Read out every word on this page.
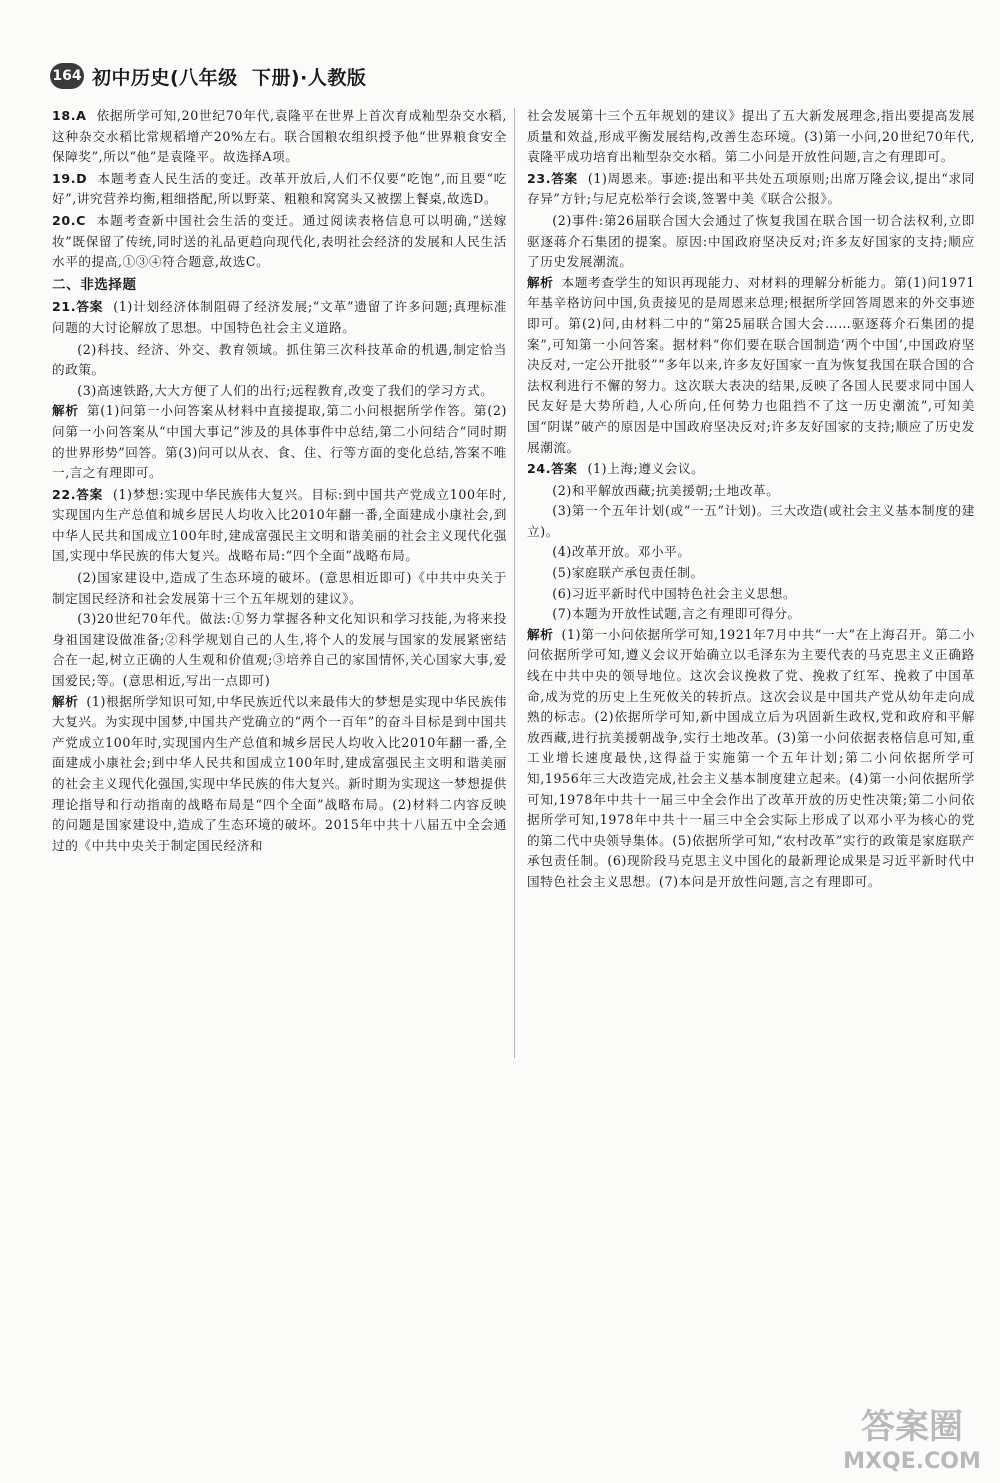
164 初中历史(八年级  下册)·人教版
18.A 依据所学可知,20世纪70年代,袁隆平在世界上首次育成籼型杂交水稻,这种杂交水稻比常规稻增产20%左右。联合国粮农组织授予他“世界粮食安全保障奖”,所以“他”是袁隆平。故选择A项。
19.D 本题考查人民生活的变迁。改革开放后,人们不仅要“吃饱”,而且要“吃好”,讲究营养均衡,粗细搭配,所以野菜、粗粮和窝窝头又被摆上餐桌,故选D。
20.C 本题考查新中国社会生活的变迁。通过阅读表格信息可以明确,“送嫁妆”既保留了传统,同时送的礼品更趋向现代化,表明社会经济的发展和人民生活水平的提高,①③④符合题意,故选C。
二、非选择题
21.答案 (1)计划经济体制阻碍了经济发展;“文革”遗留了许多问题;真理标准问题的大讨论解放了思想。中国特色社会主义道路。
(2)科技、经济、外交、教育领域。抓住第三次科技革命的机遇,制定恰当的政策。
(3)高速铁路,大大方便了人们的出行;远程教育,改变了我们的学习方式。
解析 第(1)问第一小问答案从材料中直接提取,第二小问根据所学作答。第(2)问第一小问答案从“中国大事记”涉及的具体事件中总结,第二小问结合“同时期的世界形势”回答。第(3)问可以从衣、食、住、行等方面的变化总结,答案不唯一,言之有理即可。
22.答案 (1)梦想:实现中华民族伟大复兴。目标:到中国共产党成立100年时,实现国内生产总值和城乡居民人均收入比2010年翻一番,全面建成小康社会,到中华人民共和国成立100年时,建成富强民主文明和谐美丽的社会主义现代化强国,实现中华民族的伟大复兴。战略布局:“四个全面”战略布局。
(2)国家建设中,造成了生态环境的破坏。(意思相近即可)《中共中央关于制定国民经济和社会发展第十三个五年规划的建议》。
(3)20世纪70年代。做法:①努力掌握各种文化知识和学习技能,为将来投身祖国建设做准备;②科学规划自己的人生,将个人的发展与国家的发展紧密结合在一起,树立正确的人生观和价值观;③培养自己的家国情怀,关心国家大事,爱国爱民;等。(意思相近,写出一点即可)
解析 (1)根据所学知识可知,中华民族近代以来最伟大的梦想是实现中华民族伟大复兴。为实现中国梦,中国共产党确立的“两个一百年”的奋斗目标是到中国共产党成立100年时,实现国内生产总值和城乡居民人均收入比2010年翻一番,全面建成小康社会;到中华人民共和国成立100年时,建成富强民主文明和谐美丽的社会主义现代化强国,实现中华民族的伟大复兴。新时期为实现这一梦想提供理论指导和行动指南的战略布局是“四个全面”战略布局。(2)材料二内容反映的问题是国家建设中,造成了生态环境的破坏。2015年中共十八届五中全会通过的《中共中央关于制定国民经济和
社会发展第十三个五年规划的建议》提出了五大新发展理念,指出要提高发展质量和效益,形成平衡发展结构,改善生态环境。(3)第一小问,20世纪70年代,袁隆平成功培育出籼型杂交水稻。第二小问是开放性问题,言之有理即可。
23.答案 (1)周恩来。事迹:提出和平共处五项原则;出席万隆会议,提出“求同存异”方针;与尼克松举行会谈,签署中美《联合公报》。
(2)事件:第26届联合国大会通过了恢复我国在联合国一切合法权利,立即驱逐蒋介石集团的提案。原因:中国政府坚决反对;许多友好国家的支持;顺应了历史发展潮流。
解析 本题考查学生的知识再现能力、对材料的理解分析能力。第(1)问1971年基辛格访问中国,负责接见的是周恩来总理;根据所学回答周恩来的外交事迹即可。第(2)问,由材料二中的“第25届联合国大会……驱逐蒋介石集团的提案”,可知第一小问答案。据材料“你们要在联合国制造‘两个中国’,中国政府坚决反对,一定公开批驳”“多年以来,许多友好国家一直为恢复我国在联合国的合法权利进行不懈的努力。这次联大表决的结果,反映了各国人民要求同中国人民友好是大势所趋,人心所向,任何势力也阻挡不了这一历史潮流”,可知美国“阴谋”破产的原因是中国政府坚决反对;许多友好国家的支持;顺应了历史发展潮流。
24.答案 (1)上海;遵义会议。
(2)和平解放西藏;抗美援朝;土地改革。
(3)第一个五年计划(或“一五”计划)。三大改造(或社会主义基本制度的建立)。
(4)改革开放。邓小平。
(5)家庭联产承包责任制。
(6)习近平新时代中国特色社会主义思想。
(7)本题为开放性试题,言之有理即可得分。
解析 (1)第一小问依据所学可知,1921年7月中共“一大”在上海召开。第二小问依据所学可知,遵义会议开始确立以毛泽东为主要代表的马克思主义正确路线在中共中央的领导地位。这次会议挽救了党、挽救了红军、挽救了中国革命,成为党的历史上生死攸关的转折点。这次会议是中国共产党从幼年走向成熟的标志。(2)依据所学可知,新中国成立后为巩固新生政权,党和政府和平解放西藏,进行抗美援朝战争,实行土地改革。(3)第一小问依据表格信息可知,重工业增长速度最快,这得益于实施第一个五年计划;第二小问依据所学可知,1956年三大改造完成,社会主义基本制度建立起来。(4)第一小问依据所学可知,1978年中共十一届三中全会作出了改革开放的历史性决策;第二小问依据所学可知,1978年中共十一届三中全会实际上形成了以邓小平为核心的党的第二代中央领导集体。(5)依据所学可知,“农村改革”实行的政策是家庭联产承包责任制。(6)现阶段马克思主义中国化的最新理论成果是习近平新时代中国特色社会主义思想。(7)本问是开放性问题,言之有理即可。
答案圈
MXQE.COM
